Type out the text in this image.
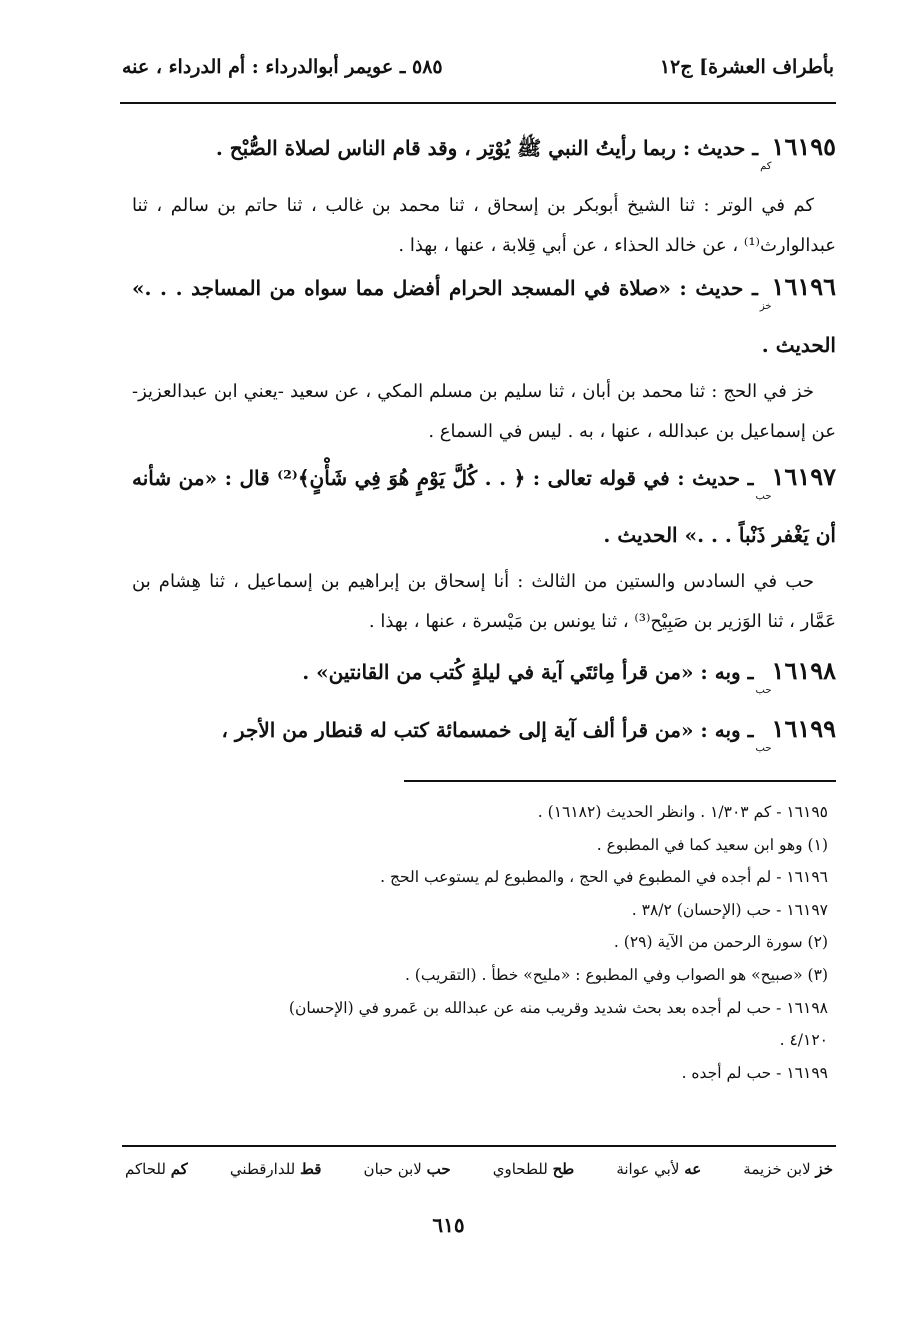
بأطراف العشرة] ج١٢
٥٨٥ ـ عويمر أبوالدرداء : أم الدرداء ، عنه
١٦١٩٥كمـ حديث : ربما رأيتُ النبي ﷺ يُوْتِر ، وقد قام الناس لصلاة الصُّبْح .
كم في الوتر : ثنا الشيخ أبوبكر بن إسحاق ، ثنا محمد بن غالب ، ثنا حاتم بن سالم ، ثنا عبدالوارث⁽¹⁾ ، عن خالد الحذاء ، عن أبي قِلابة ، عنها ، بهذا .
١٦١٩٦خزـ حديث : «صلاة في المسجد الحرام أفضل مما سواه من المساجد . . .» الحديث .
خز في الحج : ثنا محمد بن أبان ، ثنا سليم بن مسلم المكي ، عن سعيد -يعني ابن عبدالعزيز- عن إسماعيل بن عبدالله ، عنها ، به . ليس في السماع .
١٦١٩٧حبـ حديث : في قوله تعالى : ﴿ . . كُلَّ يَوْمٍ هُوَ فِي شَأْنٍ﴾⁽²⁾ قال : «من شأنه أن يَغْفر ذَنْباً . . .» الحديث .
حب في السادس والستين من الثالث : أنا إسحاق بن إبراهيم بن إسماعيل ، ثنا هِشام بن عَمَّار ، ثنا الوَزير بن صَبِيْح⁽³⁾ ، ثنا يونس بن مَيْسرة ، عنها ، بهذا .
١٦١٩٨حبـ وبه : «من قرأ مِائتَي آية في ليلةٍ كُتب من القانتين» .
١٦١٩٩حبـ وبه : «من قرأ ألف آية إلى خمسمائة كتب له قنطار من الأجر ،
١٦١٩٥ - كم ١/٣٠٣ . وانظر الحديث (١٦١٨٢) .
(١) وهو ابن سعيد كما في المطبوع .
١٦١٩٦ - لم أجده في المطبوع في الحج ، والمطبوع لم يستوعب الحج .
١٦١٩٧ - حب (الإحسان) ٣٨/٢ .
(٢) سورة الرحمن من الآية (٢٩) .
(٣) «صبيح» هو الصواب وفي المطبوع : «مليح» خطأ . (التقريب) .
١٦١٩٨ - حب لم أجده بعد بحث شديد وقريب منه عن عبدالله بن عَمرو في (الإحسان)
٤/١٢٠ .
١٦١٩٩ - حب لم أجده .
خز لابن خزيمة
عه لأبي عوانة
طح للطحاوي
حب لابن حبان
قط للدارقطني
كم للحاكم
٦١٥
